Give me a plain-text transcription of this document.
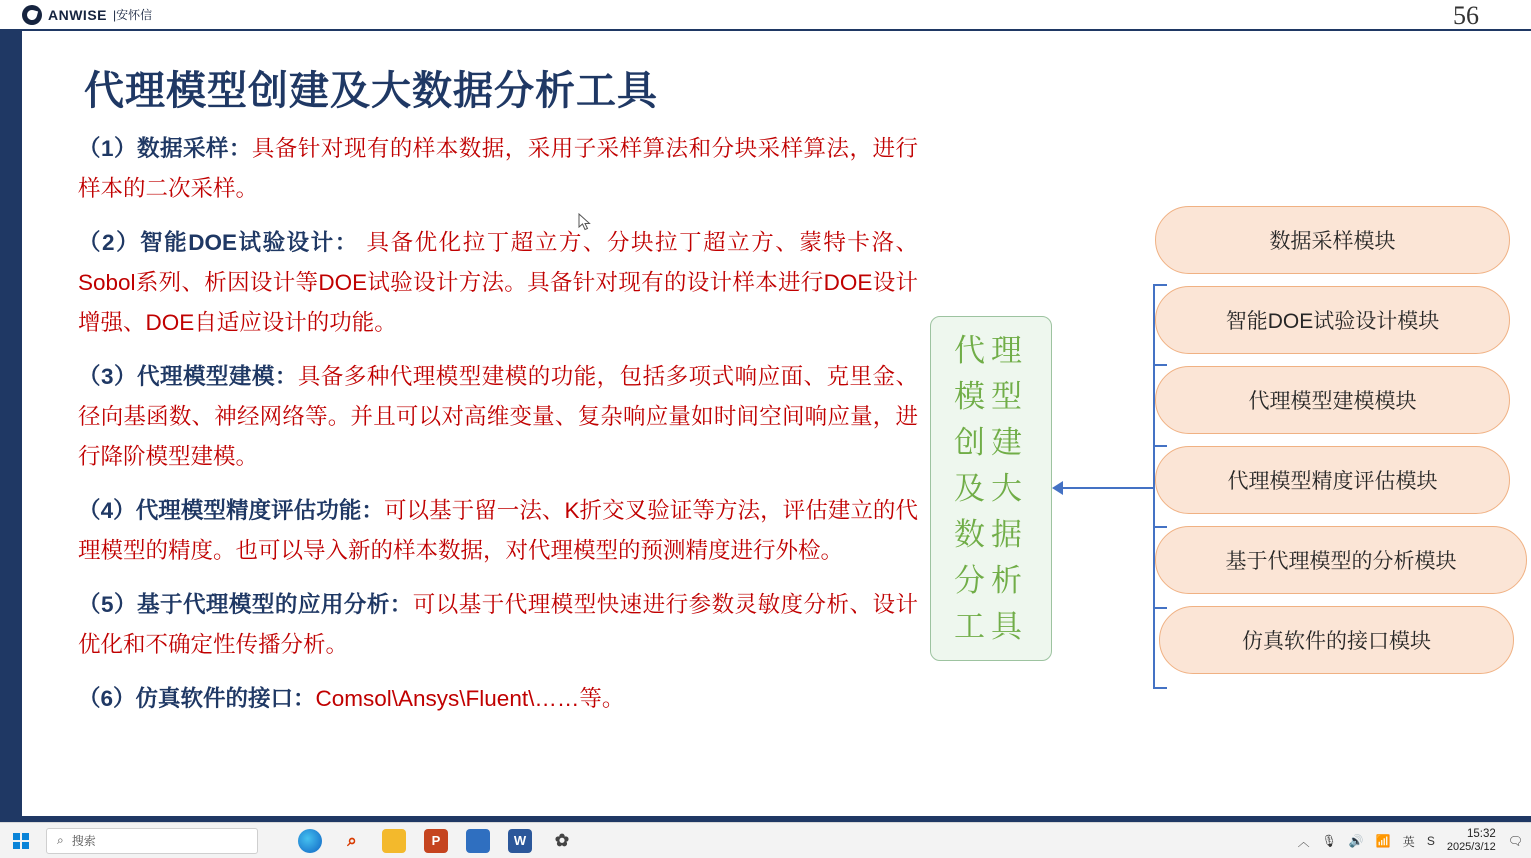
ANWISE |安怀信	56
代理模型创建及大数据分析工具

（1）数据采样：具备针对现有的样本数据，采用子采样算法和分块采样算法，进行样本的二次采样。

（2）智能DOE试验设计： 具备优化拉丁超立方、分块拉丁超立方、蒙特卡洛、Sobol系列、析因设计等DOE试验设计方法。具备针对现有的设计样本进行DOE设计增强、DOE自适应设计的功能。

（3）代理模型建模：具备多种代理模型建模的功能，包括多项式响应面、克里金、径向基函数、神经网络等。并且可以对高维变量、复杂响应量如时间空间响应量，进行降阶模型建模。

（4）代理模型精度评估功能：可以基于留一法、K折交叉验证等方法，评估建立的代理模型的精度。也可以导入新的样本数据，对代理模型的预测精度进行外检。

（5）基于代理模型的应用分析：可以基于代理模型快速进行参数灵敏度分析、设计优化和不确定性传播分析。

（6）仿真软件的接口：Comsol\Ansys\Fluent\……等。

代理模型创建及大数据分析工具
数据采样模块
智能DOE试验设计模块
代理模型建模模块
代理模型精度评估模块
基于代理模型的分析模块
仿真软件的接口模块
⌕ 搜索	⌕	P	W	✿	︿ 🎙 🔊 📶 英 S	15:32
2025/3/12 🗨
